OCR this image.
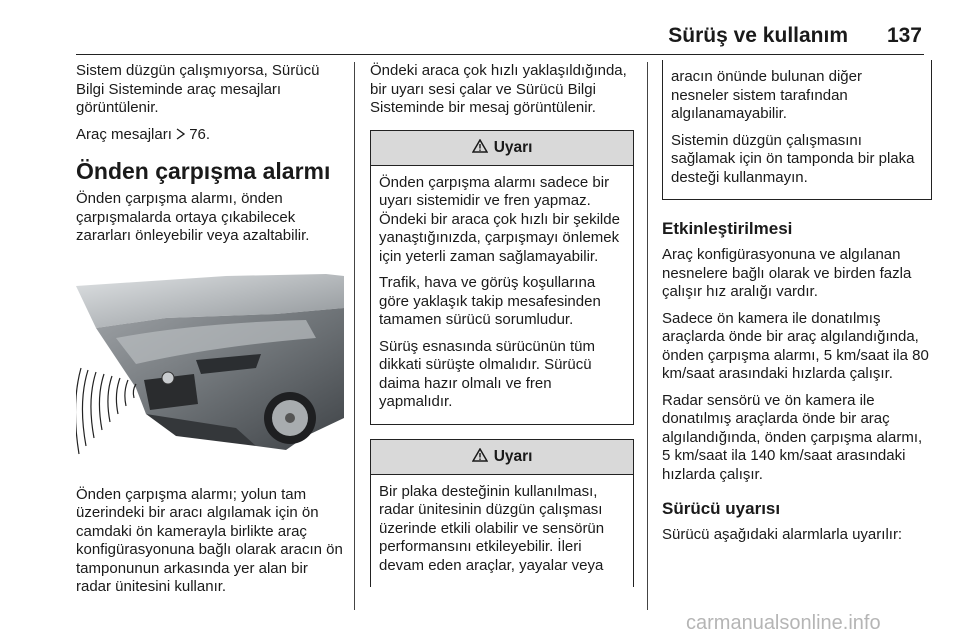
Sürüş ve kullanım 137

Sistem düzgün çalışmıyorsa, Sürücü Bilgi Sisteminde araç mesajları görüntülenir.

Araç mesajları 76.

Önden çarpışma alarmı

Önden çarpışma alarmı, önden çarpışmalarda ortaya çıkabilecek zararları önleyebilir veya azaltabilir.

Önden çarpışma alarmı; yolun tam üzerindeki bir aracı algılamak için ön camdaki ön kamerayla birlikte araç konfigürasyonuna bağlı olarak aracın ön tamponunun arkasında yer alan bir radar ünitesini kullanır.

Öndeki araca çok hızlı yaklaşıldığında, bir uyarı sesi çalar ve Sürücü Bilgi Sisteminde bir mesaj görüntülenir.

Uyarı

Önden çarpışma alarmı sadece bir uyarı sistemidir ve fren yapmaz. Öndeki bir araca çok hızlı bir şekilde yanaştığınızda, çarpışmayı önlemek için yeterli zaman sağlamayabilir.

Trafik, hava ve görüş koşullarına göre yaklaşık takip mesafesinden tamamen sürücü sorumludur.

Sürüş esnasında sürücünün tüm dikkati sürüşte olmalıdır. Sürücü daima hazır olmalı ve fren yapmalıdır.

Uyarı

Bir plaka desteğinin kullanılması, radar ünitesinin düzgün çalışması üzerinde etkili olabilir ve sensörün performansını etkileyebilir. İleri devam eden araçlar, yayalar veya

aracın önünde bulunan diğer nesneler sistem tarafından algılanamayabilir.

Sistemin düzgün çalışmasını sağlamak için ön tamponda bir plaka desteği kullanmayın.

Etkinleştirilmesi

Araç konfigürasyonuna ve algılanan nesnelere bağlı olarak ve birden fazla çalışır hız aralığı vardır.

Sadece ön kamera ile donatılmış araçlarda önde bir araç algılandığında, önden çarpışma alarmı, 5 km/saat ila 80 km/saat arasındaki hızlarda çalışır.

Radar sensörü ve ön kamera ile donatılmış araçlarda önde bir araç algılandığında, önden çarpışma alarmı, 5 km/saat ila 140 km/saat arasındaki hızlarda çalışır.

Sürücü uyarısı

Sürücü aşağıdaki alarmlarla uyarılır:

carmanualsonline.info
